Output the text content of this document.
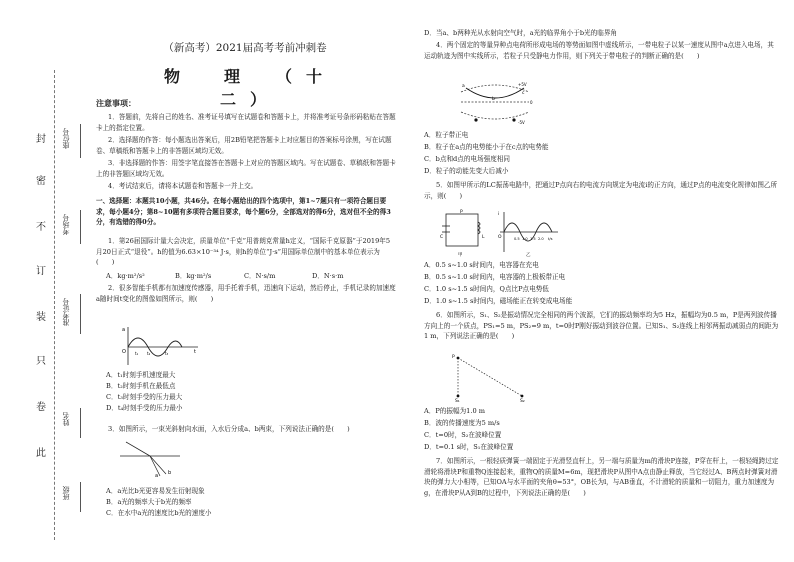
封
密
不
订
装
只
卷
此
座位号
考场号
准考证号
姓名
班级
（新高考）2021届高考考前冲刺卷
物　理　（十二）
注意事项：
1．答题前，先将自己的姓名、准考证号填写在试题卷和答题卡上，并将准考证号条形码粘贴在答题卡上的指定位置。
2．选择题的作答：每小题选出答案后，用2B铅笔把答题卡上对应题目的答案标号涂黑，写在试题卷、草稿纸和答题卡上的非答题区域均无效。
3．非选择题的作答：用签字笔直接答在答题卡上对应的答题区域内。写在试题卷、草稿纸和答题卡上的非答题区域均无效。
4．考试结束后，请将本试题卷和答题卡一并上交。
一、选择题：本题共10小题，共46分。在每小题给出的四个选项中，第1~7题只有一项符合题目要求，每小题4分；第8~10题有多项符合题目要求，每个题6分，全部选对的得6分，选对但不全的得3分，有选错的得0分。
1．第26届国际计量大会决定，质量单位“千克”用普朗克常量h定义，“国际千克原器”于2019年5月20日正式“退役”。h的值为6.63×10⁻³⁴ J·s，则h的单位“J·s”用国际单位制中的基本单位表示为(　　)
A．kg·m²/s²	B．kg·m²/s	C．N·s/m	D．N·s·m
2．很多智能手机都有加速度传感器，用手托着手机，迅速向下运动，然后停止，手机记录的加速度a随时间t变化的图像如图所示，则(　　)
a
t
O t₁ t₂	t₃
A．t₁时刻手机速度最大
B．t₂时刻手机在最低点
C．t₃时刻手受的压力最大
D．t₄时刻手受的压力最小
3．如图所示，一束光斜射向水面，入水后分成a、b两束，下列说法正确的是(　　)
a b
A．a光比b光更容易发生衍射现象
B．a光的频率大于b光的频率
C．在水中a光的速度比b光的速度小
D．当a、b两种光从水射向空气时，a光的临界角小于b光的临界角
4．两个固定的等量异种点电荷所形成电场的等势面如图中虚线所示，一带电粒子以某一速度从图中a点进入电场，其运动轨迹为图中实线所示，若粒子只受静电力作用，则下列关于带电粒子的判断正确的是(　　)
+5V
0
-5V
a
b
c
A．粒子带正电
B．粒子在a点的电势能小于在c点的电势能
C．b点和d点的电场强度相同
D．粒子的动能先变大后减小
5．如图甲所示的LC振荡电路中，把通过P点向右的电流方向规定为电流i的正方向，通过P点的电流变化规律如图乙所示，则(　　)
P
C	L
甲
i
O	0.5 1.0 1.5 2.0 t/s
乙
A．0.5 s~1.0 s时间内，电容器在充电
B．0.5 s~1.0 s时间内，电容器的上极板带正电
C．1.0 s~1.5 s时间内，Q点比P点电势低
D．1.0 s~1.5 s时间内，磁场能正在转变成电场能
6．如图所示，S₁、S₂是振动情况完全相同的两个波源，它们的振动频率均为5 Hz，振幅均为0.5 m，P是两列波传播方向上的一个质点，PS₁=5 m，PS₂=9 m，t=0时P刚好振动到波谷位置。已知S₁、S₂连线上相邻两振动减弱点的间距为1 m，下列说法正确的是(　　)
P
S₁	S₂
A．P的振幅为1.0 m
B．波的传播速度为5 m/s
C．t=0时，S₂在波峰位置
D．t=0.1 s时，S₁在波峰位置
7．如图所示，一根轻质弹簧一端固定于光滑竖直杆上，另一端与质量为m的滑块P连接，P穿在杆上，一根轻绳跨过定滑轮将滑块P和重物Q连接起来，重物Q的质量M=6m，现把滑块P从图中A点由静止释放，当它经过A、B两点时弹簧对滑块的弹力大小相等，已知OA与水平面的夹角θ=53°，OB长为l，与AB垂直，不计滑轮的质量和一切阻力，重力加速度为g，在滑块P从A到B的过程中，下列说法正确的是(　　)
